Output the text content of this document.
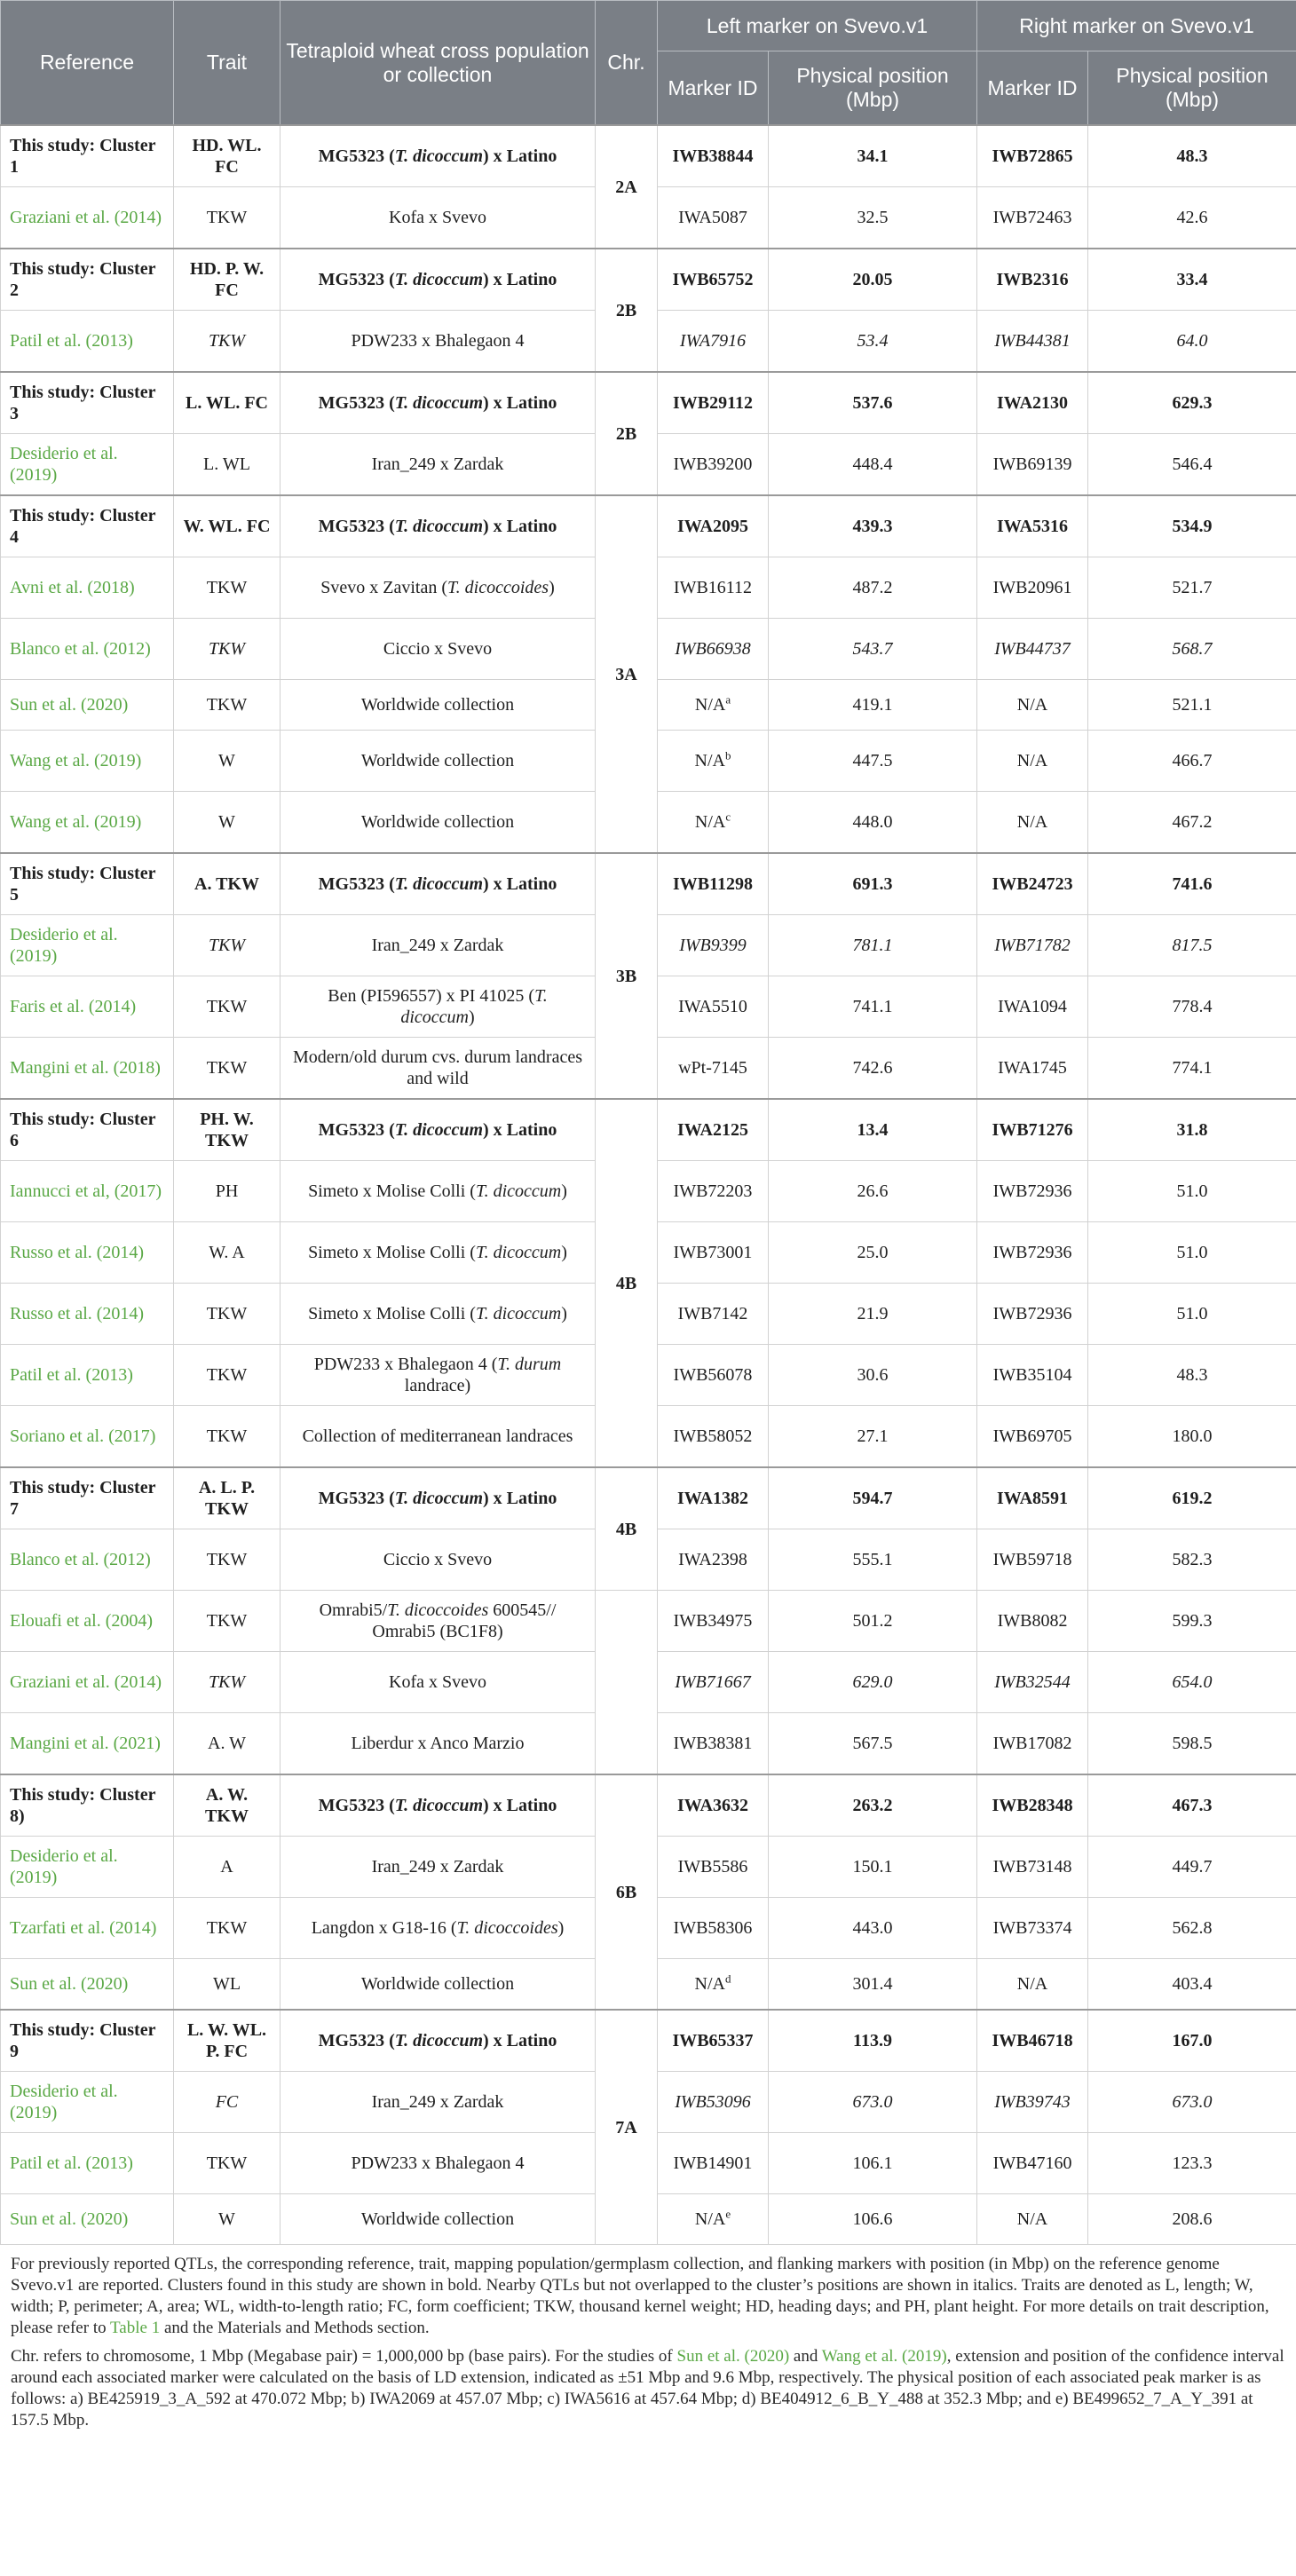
Reference	Trait	Tetraploid wheat cross population or collection	Chr.	Left marker on Svevo.v1		Right marker on Svevo.v1	
				Marker ID	Physical position (Mbp)	Marker ID	Physical position (Mbp)
This study: Cluster 1	HD. WL. FC	MG5323 (T. dicoccum) x Latino	2A	IWB38844	34.1	IWB72865	48.3
Graziani et al. (2014)	TKW	Kofa x Svevo		IWA5087	32.5	IWB72463	42.6
This study: Cluster 2	HD. P. W. FC	MG5323 (T. dicoccum) x Latino	2B	IWB65752	20.05	IWB2316	33.4
Patil et al. (2013)	TKW	PDW233 x Bhalegaon 4		IWA7916	53.4	IWB44381	64.0
This study: Cluster 3	L. WL. FC	MG5323 (T. dicoccum) x Latino	2B	IWB29112	537.6	IWA2130	629.3
Desiderio et al. (2019)	L. WL	Iran_249 x Zardak		IWB39200	448.4	IWB69139	546.4
This study: Cluster 4	W. WL. FC	MG5323 (T. dicoccum) x Latino	3A	IWA2095	439.3	IWA5316	534.9
Avni et al. (2018)	TKW	Svevo x Zavitan (T. dicoccoides)		IWB16112	487.2	IWB20961	521.7
Blanco et al. (2012)	TKW	Ciccio x Svevo		IWB66938	543.7	IWB44737	568.7
Sun et al. (2020)	TKW	Worldwide collection		$N/A^a$	419.1	N/A	521.1
Wang et al. (2019)	W	Worldwide collection		$N/A^b$	447.5	N/A	466.7
Wang et al. (2019)	W	Worldwide collection		$N/A^c$	448.0	N/A	467.2
This study: Cluster 5	A. TKW	MG5323 (T. dicoccum) x Latino	3B	IWB11298	691.3	IWB24723	741.6
Desiderio et al. (2019)	TKW	Iran_249 x Zardak		IWB9399	781.1	IWB71782	817.5
Faris et al. (2014)	TKW	Ben (PI596557) x PI 41025 (T. dicoccum)		IWA5510	741.1	IWA1094	778.4
Mangini et al. (2018)	TKW	Modern/old durum cvs. durum landraces and wild		wPt-7145	742.6	IWA1745	774.1
This study: Cluster 6	PH. W. TKW	MG5323 (T. dicoccum) x Latino	4B	IWA2125	13.4	IWB71276	31.8
Iannucci et al, (2017)	PH	Simeto x Molise Colli (T. dicoccum)		IWB72203	26.6	IWB72936	51.0
Russo et al. (2014)	W. A	Simeto x Molise Colli (T. dicoccum)		IWB73001	25.0	IWB72936	51.0
Russo et al. (2014)	TKW	Simeto x Molise Colli (T. dicoccum)		IWB7142	21.9	IWB72936	51.0
Patil et al. (2013)	TKW	PDW233 x Bhalegaon 4 (T. durum landrace)		IWB56078	30.6	IWB35104	48.3
Soriano et al. (2017)	TKW	Collection of mediterranean landraces		IWB58052	27.1	IWB69705	180.0
This study: Cluster 7	A. L. P. TKW	MG5323 (T. dicoccum) x Latino	4B	IWA1382	594.7	IWA8591	619.2
Blanco et al. (2012)	TKW	Ciccio x Svevo		IWA2398	555.1	IWB59718	582.3
Elouafi et al. (2004)	TKW	Omrabi5/T. dicoccoides 600545// Omrabi5 (BC1F8)		IWB34975	501.2	IWB8082	599.3
Graziani et al. (2014)	TKW	Kofa x Svevo		IWB71667	629.0	IWB32544	654.0
Mangini et al. (2021)	A. W	Liberdur x Anco Marzio		IWB38381	567.5	IWB17082	598.5
This study: Cluster 8)	A. W. TKW	MG5323 (T. dicoccum) x Latino	6B	IWA3632	263.2	IWB28348	467.3
Desiderio et al. (2019)	A	Iran_249 x Zardak		IWB5586	150.1	IWB73148	449.7
Tzarfati et al. (2014)	TKW	Langdon x G18-16 (T. dicoccoides)		IWB58306	443.0	IWB73374	562.8
Sun et al. (2020)	WL	Worldwide collection		$N/A^d$	301.4	N/A	403.4
This study: Cluster 9	L. W. WL. P. FC	MG5323 (T. dicoccum) x Latino	7A	IWB65337	113.9	IWB46718	167.0
Desiderio et al. (2019)	FC	Iran_249 x Zardak		IWB53096	673.0	IWB39743	673.0
Patil et al. (2013)	TKW	PDW233 x Bhalegaon 4		IWB14901	106.1	IWB47160	123.3
Sun et al. (2020)	W	Worldwide collection		$N/A^e$	106.6	N/A	208.6

For previously reported QTLs, the corresponding reference, trait, mapping population/germplasm collection, and flanking markers with position (in Mbp) on the reference genome Svevo.v1 are reported. Clusters found in this study are shown in bold. Nearby QTLs but not overlapped to the cluster’s positions are shown in italics. Traits are denoted as L, length; W, width; P, perimeter; A, area; WL, width-to-length ratio; FC, form coefficient; TKW, thousand kernel weight; HD, heading days; and PH, plant height. For more details on trait description, please refer to Table 1 and the Materials and Methods section.

Chr. refers to chromosome, 1 Mbp (Megabase pair) = 1,000,000 bp (base pairs). For the studies of Sun et al. (2020) and Wang et al. (2019), extension and position of the confidence interval around each associated marker were calculated on the basis of LD extension, indicated as ±51 Mbp and 9.6 Mbp, respectively. The physical position of each associated peak marker is as follows: a) BE425919_3_A_592 at 470.072 Mbp; b) IWA2069 at 457.07 Mbp; c) IWA5616 at 457.64 Mbp; d) BE404912_6_B_Y_488 at 352.3 Mbp; and e) BE499652_7_A_Y_391 at 157.5 Mbp.
